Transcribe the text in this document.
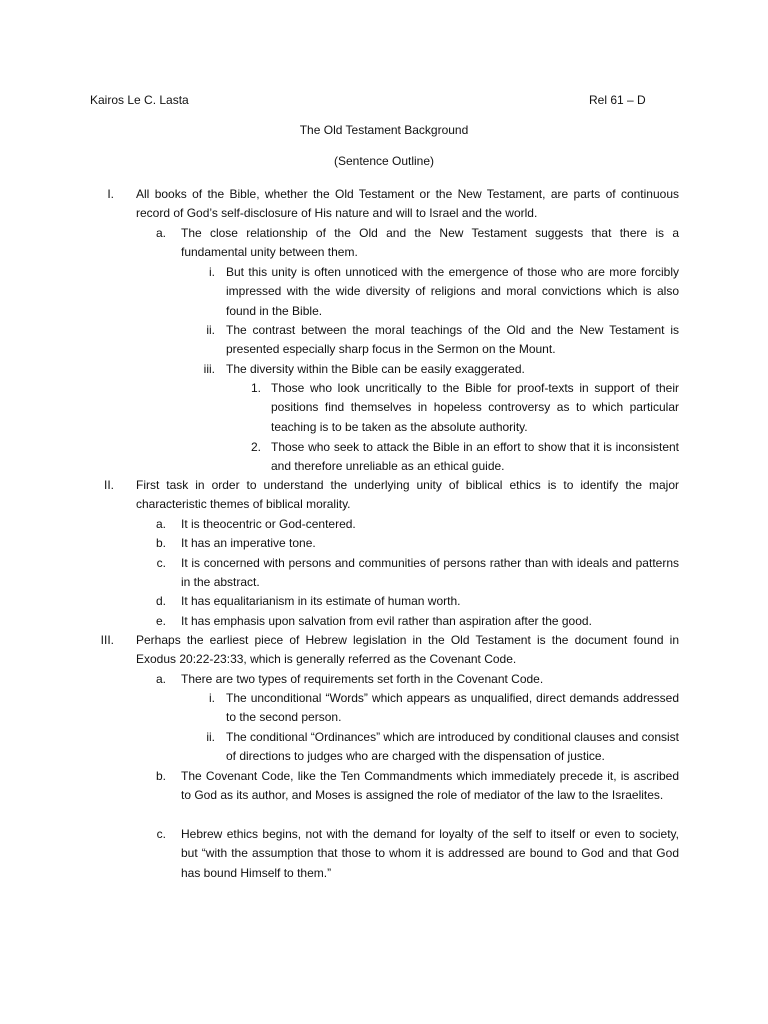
Kairos Le C. Lasta	Rel 61 – D
The Old Testament Background
(Sentence Outline)
I. All books of the Bible, whether the Old Testament or the New Testament, are parts of continuous record of God’s self-disclosure of His nature and will to Israel and the world.
a. The close relationship of the Old and the New Testament suggests that there is a fundamental unity between them.
i. But this unity is often unnoticed with the emergence of those who are more forcibly impressed with the wide diversity of religions and moral convictions which is also found in the Bible.
ii. The contrast between the moral teachings of the Old and the New Testament is presented especially sharp focus in the Sermon on the Mount.
iii. The diversity within the Bible can be easily exaggerated.
1. Those who look uncritically to the Bible for proof-texts in support of their positions find themselves in hopeless controversy as to which particular teaching is to be taken as the absolute authority.
2. Those who seek to attack the Bible in an effort to show that it is inconsistent and therefore unreliable as an ethical guide.
II. First task in order to understand the underlying unity of biblical ethics is to identify the major characteristic themes of biblical morality.
a. It is theocentric or God-centered.
b. It has an imperative tone.
c. It is concerned with persons and communities of persons rather than with ideals and patterns in the abstract.
d. It has equalitarianism in its estimate of human worth.
e. It has emphasis upon salvation from evil rather than aspiration after the good.
III. Perhaps the earliest piece of Hebrew legislation in the Old Testament is the document found in Exodus 20:22-23:33, which is generally referred as the Covenant Code.
a. There are two types of requirements set forth in the Covenant Code.
i. The unconditional “Words” which appears as unqualified, direct demands addressed to the second person.
ii. The conditional “Ordinances” which are introduced by conditional clauses and consist of directions to judges who are charged with the dispensation of justice.
b. The Covenant Code, like the Ten Commandments which immediately precede it, is ascribed to God as its author, and Moses is assigned the role of mediator of the law to the Israelites.
c. Hebrew ethics begins, not with the demand for loyalty of the self to itself or even to society, but “with the assumption that those to whom it is addressed are bound to God and that God has bound Himself to them.”
